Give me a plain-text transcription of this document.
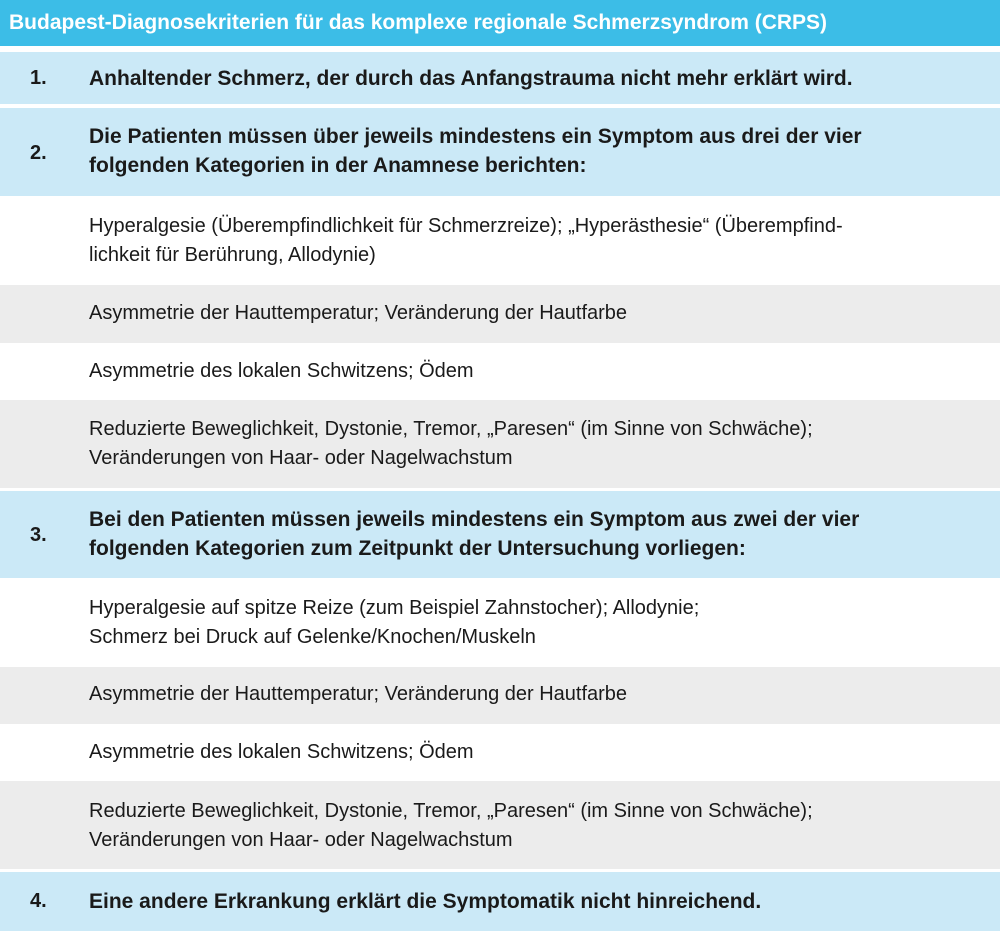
Budapest-Diagnosekriterien für das komplexe regionale Schmerzsyndrom (CRPS)
1. Anhaltender Schmerz, der durch das Anfangstrauma nicht mehr erklärt wird.
2.
Die Patienten müssen über jeweils mindestens ein Symptom aus drei der vier
folgenden Kategorien in der Anamnese berichten:
Hyperalgesie (Überempfindlichkeit für Schmerzreize); „Hyperästhesie“ (Überempfind-
lichkeit für Berührung, Allodynie)
Asymmetrie der Hauttemperatur; Veränderung der Hautfarbe
Asymmetrie des lokalen Schwitzens; Ödem
Reduzierte Beweglichkeit, Dystonie, Tremor, „Paresen“ (im Sinne von Schwäche);
Veränderungen von Haar- oder Nagelwachstum
3.
Bei den Patienten müssen jeweils mindestens ein Symptom aus zwei der vier
folgenden Kategorien zum Zeitpunkt der Untersuchung vorliegen:
Hyperalgesie auf spitze Reize (zum Beispiel Zahnstocher); Allodynie;
Schmerz bei Druck auf Gelenke/Knochen/Muskeln
Asymmetrie der Hauttemperatur; Veränderung der Hautfarbe
Asymmetrie des lokalen Schwitzens; Ödem
Reduzierte Beweglichkeit, Dystonie, Tremor, „Paresen“ (im Sinne von Schwäche);
Veränderungen von Haar- oder Nagelwachstum
4. Eine andere Erkrankung erklärt die Symptomatik nicht hinreichend.
